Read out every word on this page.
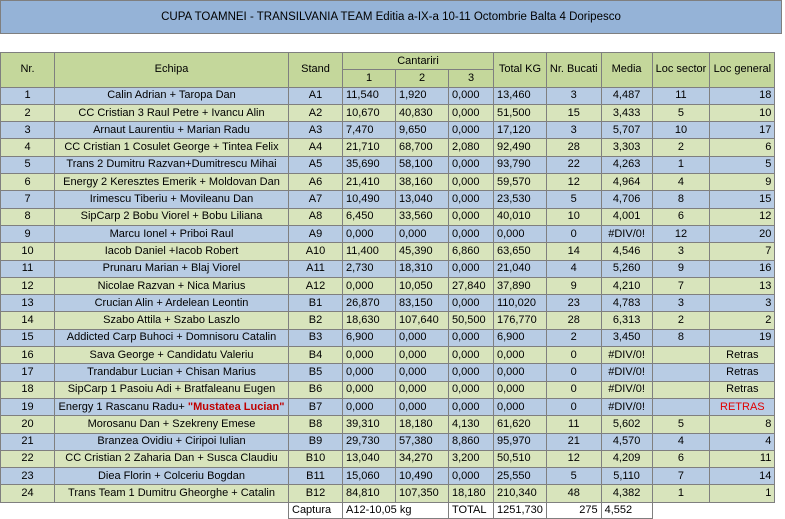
CUPA TOAMNEI - TRANSILVANIA TEAM Editia a-IX-a 10-11 Octombrie Balta 4 Doripesco
Nr.	Echipa	Stand	Cantariri			Total KG	Nr. Bucati	Media	Loc sector	Loc general
			1	2	3					
1	Calin Adrian + Taropa Dan	A1	11,540	1,920	0,000	13,460	3	4,487	11	18
2	CC Cristian 3 Raul Petre + Ivancu Alin	A2	10,670	40,830	0,000	51,500	15	3,433	5	10
3	Arnaut Laurentiu + Marian Radu	A3	7,470	9,650	0,000	17,120	3	5,707	10	17
4	CC Cristian 1 Cosulet George + Tintea Felix	A4	21,710	68,700	2,080	92,490	28	3,303	2	6
5	Trans 2 Dumitru Razvan+Dumitrescu Mihai	A5	35,690	58,100	0,000	93,790	22	4,263	1	5
6	Energy 2 Keresztes Emerik + Moldovan Dan	A6	21,410	38,160	0,000	59,570	12	4,964	4	9
7	Irimescu Tiberiu + Movileanu Dan	A7	10,490	13,040	0,000	23,530	5	4,706	8	15
8	SipCarp 2 Bobu Viorel + Bobu Liliana	A8	6,450	33,560	0,000	40,010	10	4,001	6	12
9	Marcu Ionel + Priboi Raul	A9	0,000	0,000	0,000	0,000	0	#DIV/0!	12	20
10	Iacob Daniel +Iacob Robert	A10	11,400	45,390	6,860	63,650	14	4,546	3	7
11	Prunaru Marian + Blaj Viorel	A11	2,730	18,310	0,000	21,040	4	5,260	9	16
12	Nicolae Razvan + Nica Marius	A12	0,000	10,050	27,840	37,890	9	4,210	7	13
13	Crucian Alin + Ardelean Leontin	B1	26,870	83,150	0,000	110,020	23	4,783	3	3
14	Szabo Attila + Szabo Laszlo	B2	18,630	107,640	50,500	176,770	28	6,313	2	2
15	Addicted Carp Buhoci + Domnisoru Catalin	B3	6,900	0,000	0,000	6,900	2	3,450	8	19
16	Sava George + Candidatu Valeriu	B4	0,000	0,000	0,000	0,000	0	#DIV/0!		Retras
17	Trandabur Lucian + Chisan Marius	B5	0,000	0,000	0,000	0,000	0	#DIV/0!		Retras
18	SipCarp 1 Pasoiu Adi + Bratfaleanu Eugen	B6	0,000	0,000	0,000	0,000	0	#DIV/0!		Retras
19	Energy 1 Rascanu Radu+ "Mustatea Lucian"	B7	0,000	0,000	0,000	0,000	0	#DIV/0!		RETRAS
20	Morosanu Dan + Szekreny Emese	B8	39,310	18,180	4,130	61,620	11	5,602	5	8
21	Branzea Ovidiu + Ciripoi Iulian	B9	29,730	57,380	8,860	95,970	21	4,570	4	4
22	CC Cristian 2 Zaharia Dan + Susca Claudiu	B10	13,040	34,270	3,200	50,510	12	4,209	6	11
23	Diea Florin + Colceriu Bogdan	B11	15,060	10,490	0,000	25,550	5	5,110	7	14
24	Trans Team 1 Dumitru Gheorghe + Catalin	B12	84,810	107,350	18,180	210,340	48	4,382	1	1
		Captura	A12-10,05 kg		TOTAL	1251,730	275	4,552		
